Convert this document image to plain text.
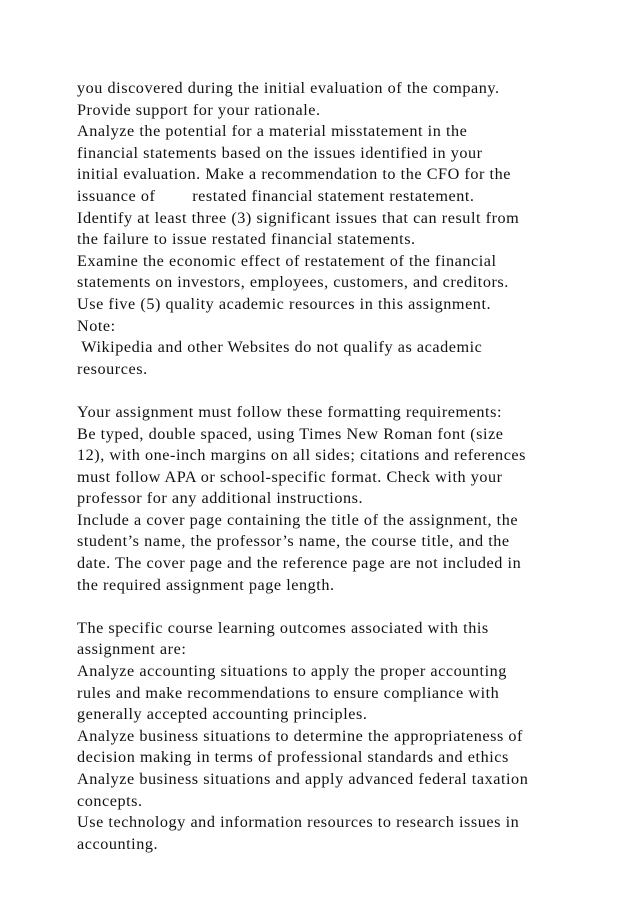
you discovered during the initial evaluation of the company.
Provide support for your rationale.
Analyze the potential for a material misstatement in the
financial statements based on the issues identified in your
initial evaluation. Make a recommendation to the CFO for the
issuance of        restated financial statement restatement.
Identify at least three (3) significant issues that can result from
the failure to issue restated financial statements.
Examine the economic effect of restatement of the financial
statements on investors, employees, customers, and creditors.
Use five (5) quality academic resources in this assignment.
Note:
Wikipedia and other Websites do not qualify as academic
resources.
Your assignment must follow these formatting requirements:
Be typed, double spaced, using Times New Roman font (size
12), with one-inch margins on all sides; citations and references
must follow APA or school-specific format. Check with your
professor for any additional instructions.
Include a cover page containing the title of the assignment, the
student’s name, the professor’s name, the course title, and the
date. The cover page and the reference page are not included in
the required assignment page length.
The specific course learning outcomes associated with this
assignment are:
Analyze accounting situations to apply the proper accounting
rules and make recommendations to ensure compliance with
generally accepted accounting principles.
Analyze business situations to determine the appropriateness of
decision making in terms of professional standards and ethics
Analyze business situations and apply advanced federal taxation
concepts.
Use technology and information resources to research issues in
accounting.
